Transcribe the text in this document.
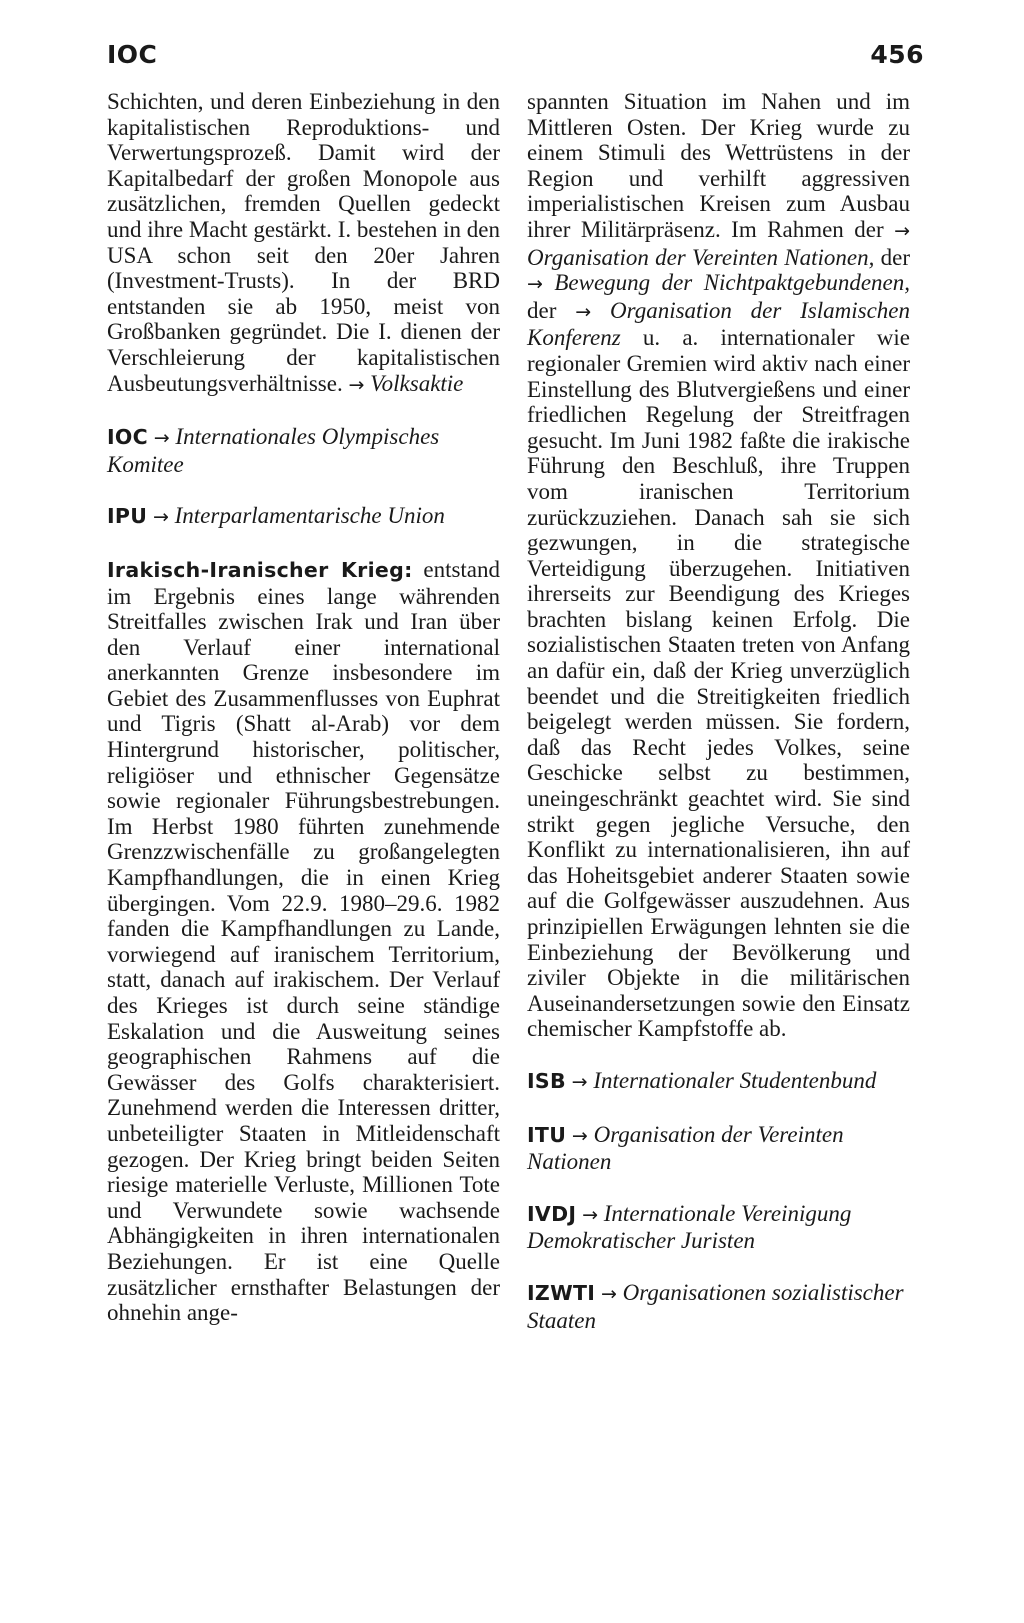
IOC	456

Schichten, und deren Einbeziehung in den kapitalistischen Reproduktions- und Verwertungsprozeß. Damit wird der Kapitalbedarf der großen Monopole aus zusätzlichen, fremden Quellen gedeckt und ihre Macht gestärkt. I. bestehen in den USA schon seit den 20er Jahren (Investment-Trusts). In der BRD entstanden sie ab 1950, meist von Großbanken gegründet. Die I. dienen der Verschleierung der kapitalistischen Ausbeutungsverhältnisse. → Volksaktie

IOC → Internationales Olympisches Komitee

IPU → Interparlamentarische Union

Irakisch-Iranischer Krieg: entstand im Ergebnis eines lange währenden Streitfalles zwischen Irak und Iran über den Verlauf einer international anerkannten Grenze insbesondere im Gebiet des Zusammenflusses von Euphrat und Tigris (Shatt al-Arab) vor dem Hintergrund historischer, politischer, religiöser und ethnischer Gegensätze sowie regionaler Führungsbestrebungen. Im Herbst 1980 führten zunehmende Grenzzwischenfälle zu großangelegten Kampfhandlungen, die in einen Krieg übergingen. Vom 22.9. 1980–29.6. 1982 fanden die Kampfhandlungen zu Lande, vorwiegend auf iranischem Territorium, statt, danach auf irakischem. Der Verlauf des Krieges ist durch seine ständige Eskalation und die Ausweitung seines geographischen Rahmens auf die Gewässer des Golfs charakterisiert. Zunehmend werden die Interessen dritter, unbeteiligter Staaten in Mitleidenschaft gezogen. Der Krieg bringt beiden Seiten riesige materielle Verluste, Millionen Tote und Verwundete sowie wachsende Abhängigkeiten in ihren internationalen Beziehungen. Er ist eine Quelle zusätzlicher ernsthafter Belastungen der ohnehin ange-

spannten Situation im Nahen und im Mittleren Osten. Der Krieg wurde zu einem Stimuli des Wettrüstens in der Region und verhilft aggressiven imperialistischen Kreisen zum Ausbau ihrer Militärpräsenz. Im Rahmen der → Organisation der Vereinten Nationen, der → Bewegung der Nichtpaktgebundenen, der → Organisation der Islamischen Konferenz u. a. internationaler wie regionaler Gremien wird aktiv nach einer Einstellung des Blutvergießens und einer friedlichen Regelung der Streitfragen gesucht. Im Juni 1982 faßte die irakische Führung den Beschluß, ihre Truppen vom iranischen Territorium zurückzuziehen. Danach sah sie sich gezwungen, in die strategische Verteidigung überzugehen. Initiativen ihrerseits zur Beendigung des Krieges brachten bislang keinen Erfolg. Die sozialistischen Staaten treten von Anfang an dafür ein, daß der Krieg unverzüglich beendet und die Streitigkeiten friedlich beigelegt werden müssen. Sie fordern, daß das Recht jedes Volkes, seine Geschicke selbst zu bestimmen, uneingeschränkt geachtet wird. Sie sind strikt gegen jegliche Versuche, den Konflikt zu internationalisieren, ihn auf das Hoheitsgebiet anderer Staaten sowie auf die Golfgewässer auszudehnen. Aus prinzipiellen Erwägungen lehnten sie die Einbeziehung der Bevölkerung und ziviler Objekte in die militärischen Auseinandersetzungen sowie den Einsatz chemischer Kampfstoffe ab.

ISB → Internationaler Studentenbund

ITU → Organisation der Vereinten Nationen

IVDJ → Internationale Vereinigung Demokratischer Juristen

IZWTI → Organisationen sozialistischer Staaten
